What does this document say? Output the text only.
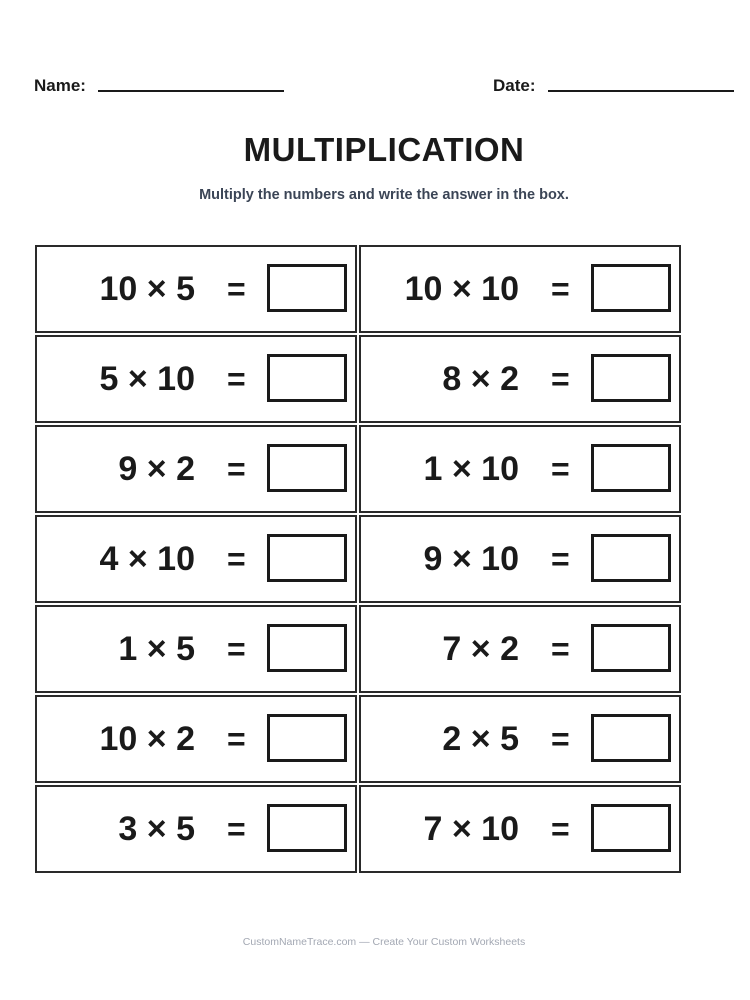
Name:	Date:
MULTIPLICATION
Multiply the numbers and write the answer in the box.
10 × 5 =	10 × 10 =
5 × 10 =	8 × 2 =
9 × 2 =	1 × 10 =
4 × 10 =	9 × 10 =
1 × 5 =	7 × 2 =
10 × 2 =	2 × 5 =
3 × 5 =	7 × 10 =
CustomNameTrace.com — Create Your Custom Worksheets
